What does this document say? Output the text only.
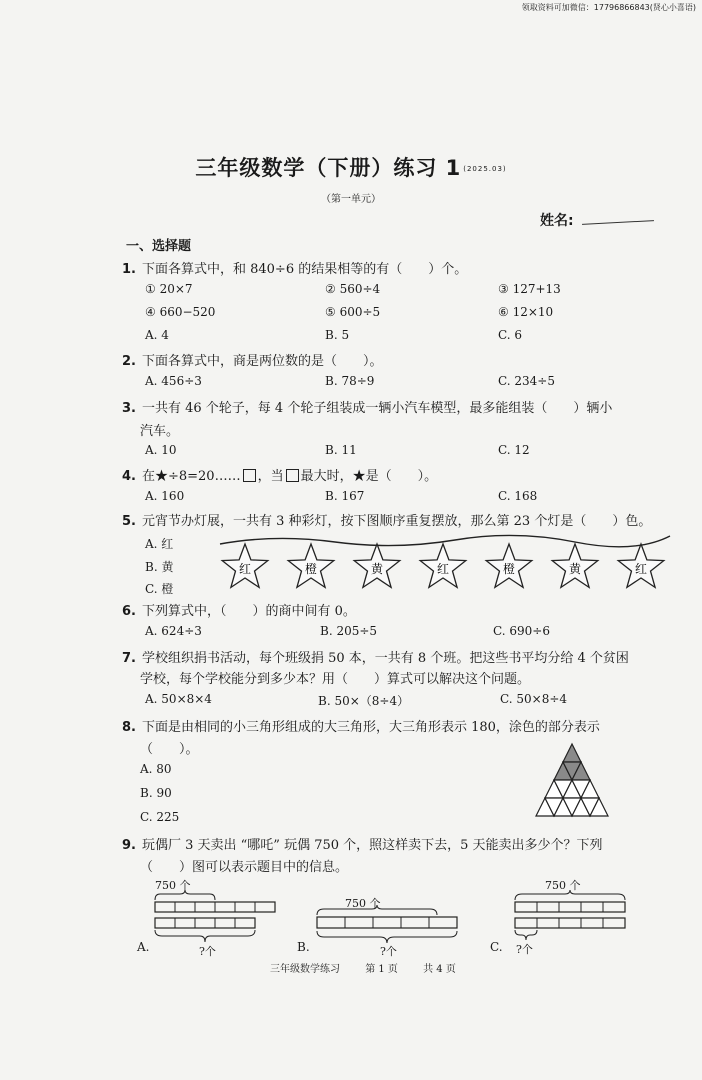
领取资料可加微信：17796866843(贤心小喜语)
三年级数学（下册）练习 1 (2025.03)
（第一单元）
姓名:
一、选择题
1. 下面各算式中，和 840÷6 的结果相等的有（　　）个。
① 20×7	② 560÷4	③ 127+13
④ 660−520	⑤ 600÷5	⑥ 12×10
A. 4	B. 5	C. 6
2. 下面各算式中，商是两位数的是（　　）。
A. 456÷3	B. 78÷9	C. 234÷5
3. 一共有 46 个轮子，每 4 个轮子组装成一辆小汽车模型，最多能组装（　　）辆小
汽车。
A. 10	B. 11	C. 12
4. 在★÷8=20…… ，当 最大时，★是（　　）。
A. 160	B. 167	C. 168
5. 元宵节办灯展，一共有 3 种彩灯，按下图顺序重复摆放，那么第 23 个灯是（　　）色。
A. 红
B. 黄
C. 橙
红	橙	黄	红	橙	黄	红
6. 下列算式中，（　　）的商中间有 0。
A. 624÷3	B. 205÷5	C. 690÷6
7. 学校组织捐书活动，每个班级捐 50 本，一共有 8 个班。把这些书平均分给 4 个贫困
学校，每个学校能分到多少本？用（　　）算式可以解决这个问题。
A. 50×8×4	B. 50×（8÷4）	C. 50×8÷4
8. 下面是由相同的小三角形组成的大三角形，大三角形表示 180，涂色的部分表示
（　　）。
A. 80
B. 90
C. 225
9. 玩偶厂 3 天卖出 “哪吒” 玩偶 750 个，照这样卖下去，5 天能卖出多少个？下列
（　　）图可以表示题目中的信息。
750 个
?个
A.
750 个
?个
B.
750 个
?个
C.
三年级数学练习	第 1 页	共 4 页
